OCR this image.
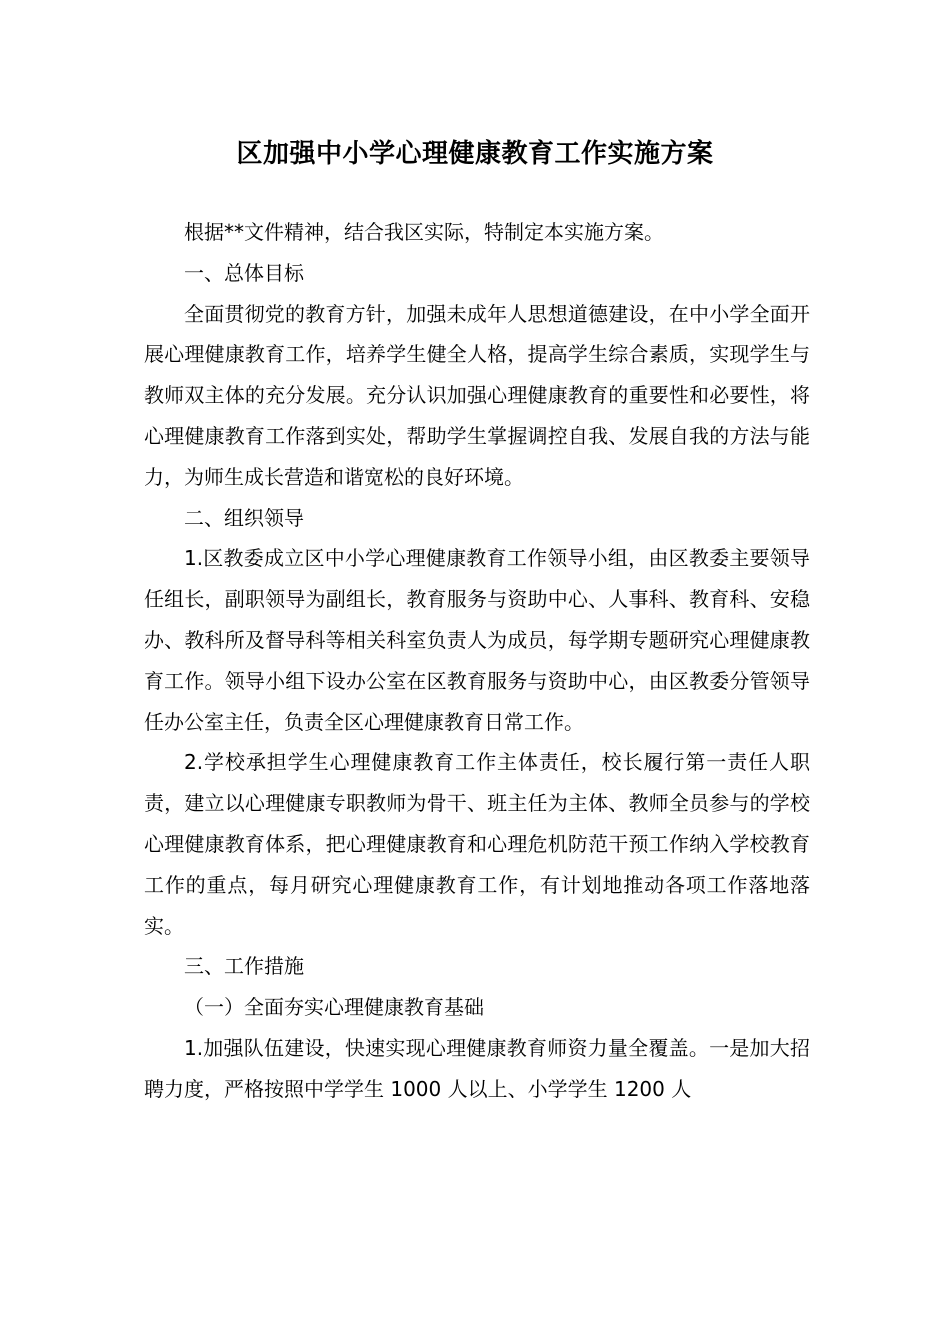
区加强中小学心理健康教育工作实施方案

根据**文件精神，结合我区实际，特制定本实施方案。

一、总体目标

全面贯彻党的教育方针，加强未成年人思想道德建设，在中小学全面开展心理健康教育工作，培养学生健全人格，提高学生综合素质，实现学生与教师双主体的充分发展。充分认识加强心理健康教育的重要性和必要性，将心理健康教育工作落到实处，帮助学生掌握调控自我、发展自我的方法与能力，为师生成长营造和谐宽松的良好环境。

二、组织领导

1.区教委成立区中小学心理健康教育工作领导小组，由区教委主要领导任组长，副职领导为副组长，教育服务与资助中心、人事科、教育科、安稳办、教科所及督导科等相关科室负责人为成员，每学期专题研究心理健康教育工作。领导小组下设办公室在区教育服务与资助中心，由区教委分管领导任办公室主任，负责全区心理健康教育日常工作。

2.学校承担学生心理健康教育工作主体责任，校长履行第一责任人职责，建立以心理健康专职教师为骨干、班主任为主体、教师全员参与的学校心理健康教育体系，把心理健康教育和心理危机防范干预工作纳入学校教育工作的重点，每月研究心理健康教育工作，有计划地推动各项工作落地落实。

三、工作措施

（一）全面夯实心理健康教育基础

1.加强队伍建设，快速实现心理健康教育师资力量全覆盖。一是加大招聘力度，严格按照中学学生 1000 人以上、小学学生 1200 人
